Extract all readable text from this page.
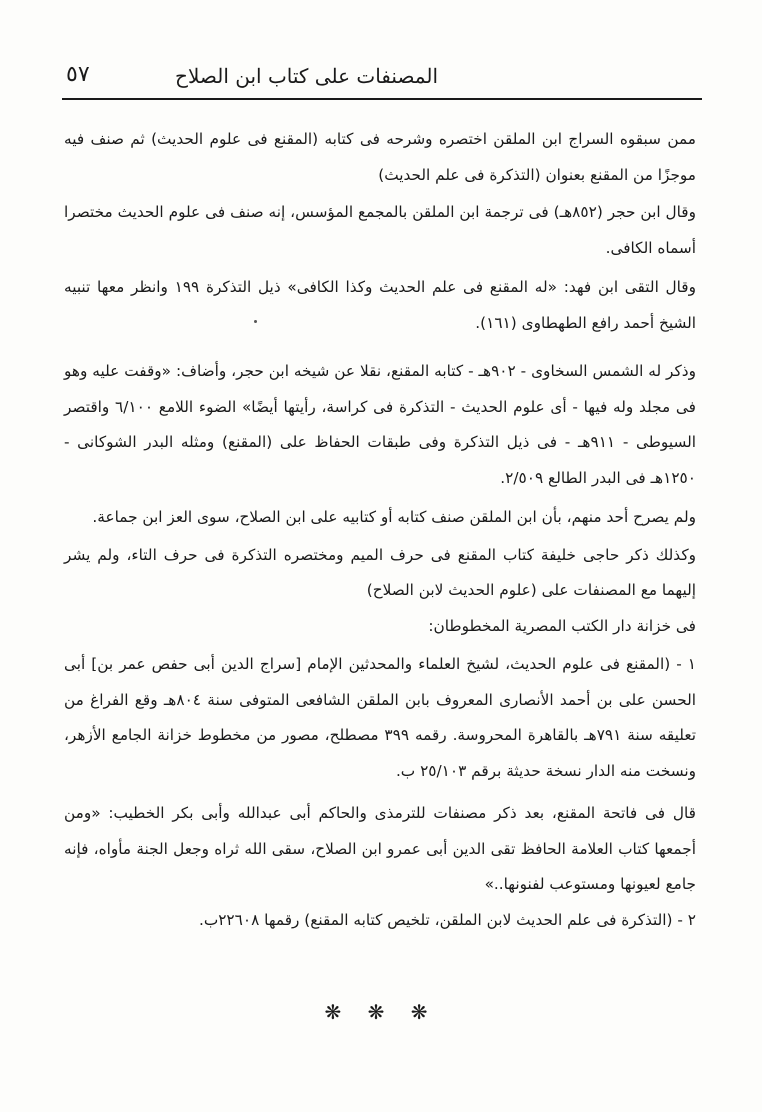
المصنفات على كتاب ابن الصلاح
٥٧

ممن سبقوه السراج ابن الملقن اختصره وشرحه فى كتابه (المقنع فى علوم الحديث) ثم صنف فيه موجزًا من المقنع بعنوان (التذكرة فى علم الحديث)

وقال ابن حجر (٨٥٢هـ) فى ترجمة ابن الملقن بالمجمع المؤسس، إنه صنف فى علوم الحديث مختصرا أسماه الكافى.

وقال التقى ابن فهد: «له المقنع فى علم الحديث وكذا الكافى» ذيل التذكرة ١٩٩ وانظر معها تنبيه الشيخ أحمد رافع الطهطاوى (١٦١).

وذكر له الشمس السخاوى - ٩٠٢هـ - كتابه المقنع، نقلا عن شيخه ابن حجر، وأضاف: «وقفت عليه وهو فى مجلد وله فيها - أى علوم الحديث - التذكرة فى كراسة، رأيتها أيضًا» الضوء اللامع ٦/١٠٠ واقتصر السيوطى - ٩١١هـ - فى ذيل التذكرة وفى طبقات الحفاظ على (المقنع) ومثله البدر الشوكانى - ١٢٥٠هـ فى البدر الطالع ٢/٥٠٩.

ولم يصرح أحد منهم، بأن ابن الملقن صنف كتابه أو كتابيه على ابن الصلاح، سوى العز ابن جماعة.

وكذلك ذكر حاجى خليفة كتاب المقنع فى حرف الميم ومختصره التذكرة فى حرف التاء، ولم يشر إليهما مع المصنفات على (علوم الحديث لابن الصلاح)

فى خزانة دار الكتب المصرية المخطوطان:

١ - (المقنع فى علوم الحديث، لشيخ العلماء والمحدثين الإمام [سراج الدين أبى حفص عمر بن] أبى الحسن على بن أحمد الأنصارى المعروف بابن الملقن الشافعى المتوفى سنة ٨٠٤هـ وقع الفراغ من تعليقه سنة ٧٩١هـ بالقاهرة المحروسة. رقمه ٣٩٩ مصطلح، مصور من مخطوط خزانة الجامع الأزهر، ونسخت منه الدار نسخة حديثة برقم ٢٥/١٠٣ ب.

قال فى فاتحة المقنع، بعد ذكر مصنفات للترمذى والحاكم أبى عبدالله وأبى بكر الخطيب: «ومن أجمعها كتاب العلامة الحافظ تقى الدين أبى عمرو ابن الصلاح، سقى الله ثراه وجعل الجنة مأواه، فإنه جامع لعيونها ومستوعب لفنونها..»

٢ - (التذكرة فى علم الحديث لابن الملقن، تلخيص كتابه المقنع) رقمها ٢٢٦٠٨ب.

❋ ❋ ❋
